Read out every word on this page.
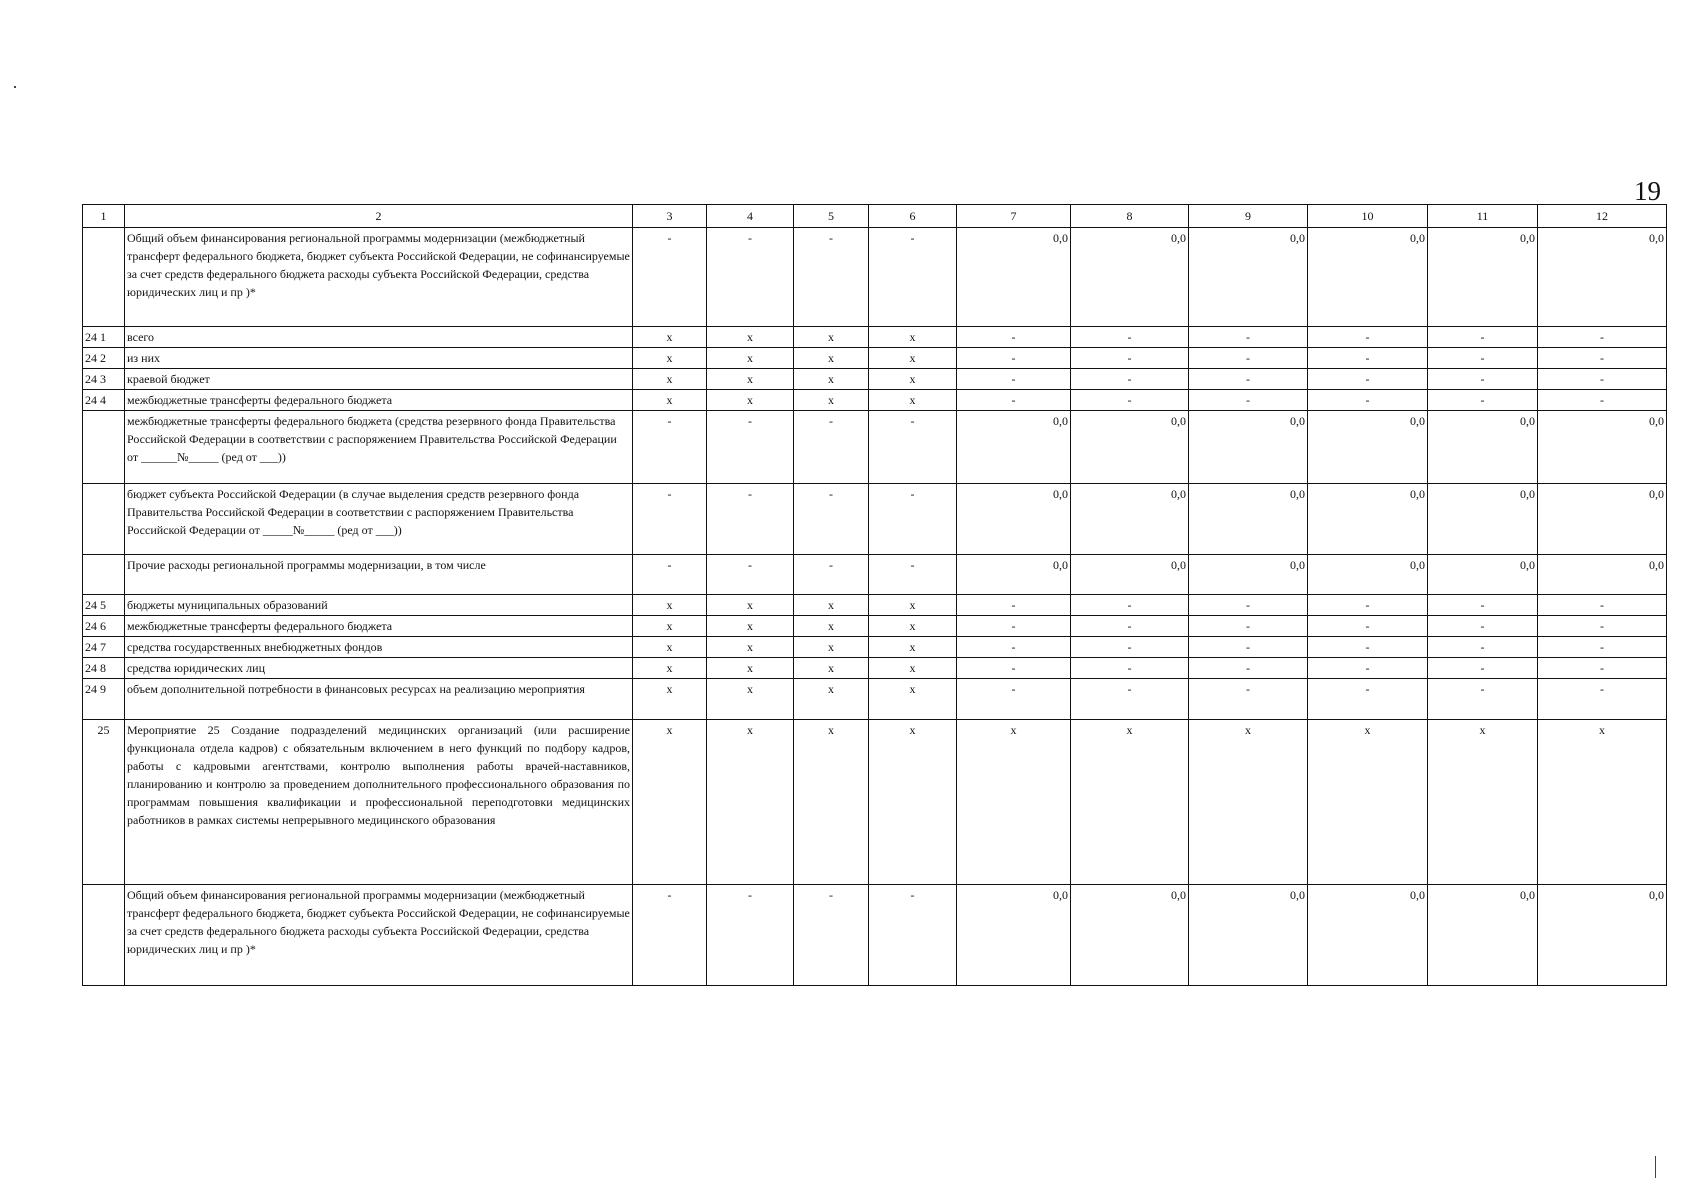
19
1	2	3	4	5	6	7	8	9	10	11	12
	Общий объем финансирования региональной программы модернизации (межбюджетный трансферт федерального бюджета, бюджет субъекта Российской Федерации, не софинансируемые за счет средств федерального бюджета расходы субъекта Российской Федерации, средства юридических лиц и пр )*	-	-	-	-	0,0	0,0	0,0	0,0	0,0	0,0
24 1	всего	x	x	x	x	-	-	-	-	-	-
24 2	из них	x	x	x	x	-	-	-	-	-	-
24 3	краевой бюджет	x	x	x	x	-	-	-	-	-	-
24 4	межбюджетные трансферты федерального бюджета	x	x	x	x	-	-	-	-	-	-
	межбюджетные трансферты федерального бюджета (средства резервного фонда Правительства Российской Федерации в соответствии с распоряжением Правительства Российской Федерации от ______№_____ (ред от ___))	-	-	-	-	0,0	0,0	0,0	0,0	0,0	0,0
	бюджет субъекта Российской Федерации (в случае выделения средств резервного фонда Правительства Российской Федерации в соответствии с распоряжением Правительства Российской Федерации от _____№_____ (ред от ___))	-	-	-	-	0,0	0,0	0,0	0,0	0,0	0,0
	Прочие расходы региональной программы модернизации, в том числе	-	-	-	-	0,0	0,0	0,0	0,0	0,0	0,0
24 5	бюджеты муниципальных образований	x	x	x	x	-	-	-	-	-	-
24 6	межбюджетные трансферты федерального бюджета	x	x	x	x	-	-	-	-	-	-
24 7	средства государственных внебюджетных фондов	x	x	x	x	-	-	-	-	-	-
24 8	средства юридических лиц	x	x	x	x	-	-	-	-	-	-
24 9	объем дополнительной потребности в финансовых ресурсах на реализацию мероприятия	x	x	x	x	-	-	-	-	-	-
25	Мероприятие 25 Создание подразделений медицинских организаций (или расширение функционала отдела кадров) с обязательным включением в него функций по подбору кадров, работы с кадровыми агентствами, контролю выполнения работы врачей-наставников, планированию и контролю за проведением дополнительного профессионального образования по программам повышения квалификации и профессиональной переподготовки медицинских работников в рамках системы непрерывного медицинского образования	x	x	x	x	x	x	x	x	x	x
	Общий объем финансирования региональной программы модернизации (межбюджетный трансферт федерального бюджета, бюджет субъекта Российской Федерации, не софинансируемые за счет средств федерального бюджета расходы субъекта Российской Федерации, средства юридических лиц и пр )*	-	-	-	-	0,0	0,0	0,0	0,0	0,0	0,0
